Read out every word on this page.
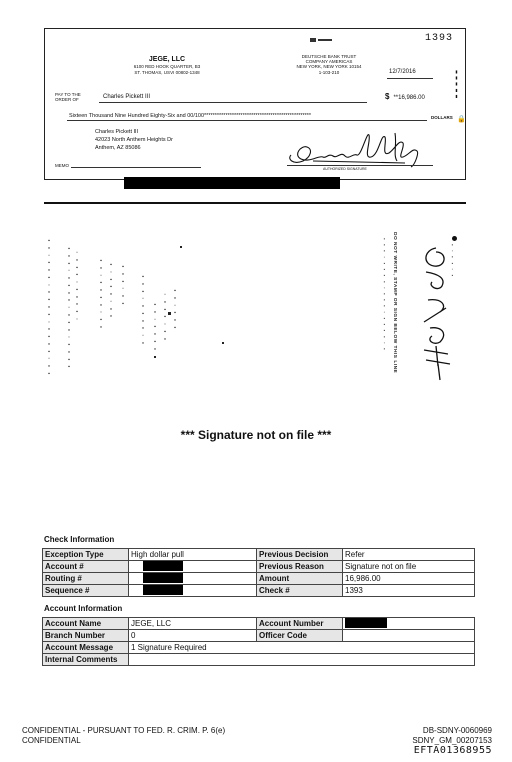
1393
JEGE, LLC
6100 RED HOOK QUARTER, B3
ST. THOMAS, USVI 00802-1348
DEUTSCHE BANK TRUST
COMPANY AMERICAS
NEW YORK, NEW YORK 10154
1-103-210	12/7/2016	▮ ▮ ▮ ▮ ▮
PAY TO THE
ORDER OF	Charles Pickett III	$ **16,986.00
Sixteen Thousand Nine Hundred Eighty-Six and 00/100**************************************************	DOLLARS 🔒
Charles Pickett III
42023 North Anthem Heights Dr
Anthem, AZ 85086
AUTHORIZED SIGNATURE
MEMO
▪ ▪ ▫ ▪ ▪ ▪ ▫ ▪ ▪ ▪ ▪ ▫ ▪ ▪ ▪ ▪ ▫ ▪ ▪	▪ ▪ ▪ ▫ ▪ ▪ ▪ ▪ ▫ ▪ ▪ ▪ ▫ ▪ ▪ ▪ ▪ ▫ ▪ ▪ ▪ ▫ ▪ ▪ ▪ ▪ ▫	▪ ▪ ▫ ▪ ▪ ▪ ▪ ▫ ▪ ▪ ▪ ▫ ▪ ▪ ▪ ▫ ▪ ▪ ▪ ▪ ▪ ▫ ▪ ▪	▪ ▪ ▪ ▫ ▪ ▪ ▪ ▪ ▫ ▪ ▪ ▪ ▫ ▪ ▪ ▪ ▪ ▫ ▪ ▪ ▪ ▫ ▪ ▪ ▪ ▪ ▫ ▪ ▪ ▪	DO NOT WRITE, STAMP OR SIGN BELOW THIS LINE
▪ ▪ ▪ ▫ ▪ ▪ ▪ ▪ ▫ ▪ ▪ ▪ ▫ ▪ ▪ ▪ ▪ ▫ ▪	▪ ▫ ▪ ▪ ▫ ▪
*** Signature not on file ***
Check Information
Exception Type	High dollar pull	Previous Decision	Refer
Account #		Previous Reason	Signature not on file
Routing #		Amount	16,986.00
Sequence #		Check #	1393
Account Information
Account Name	JEGE, LLC	Account Number	
Branch Number	0	Officer Code	
Account Message	1 Signature Required		
Internal Comments			
CONFIDENTIAL - PURSUANT TO FED. R. CRIM. P. 6(e)
CONFIDENTIAL
DB-SDNY-0060969
SDNY_GM_00207153
EFTA01368955
